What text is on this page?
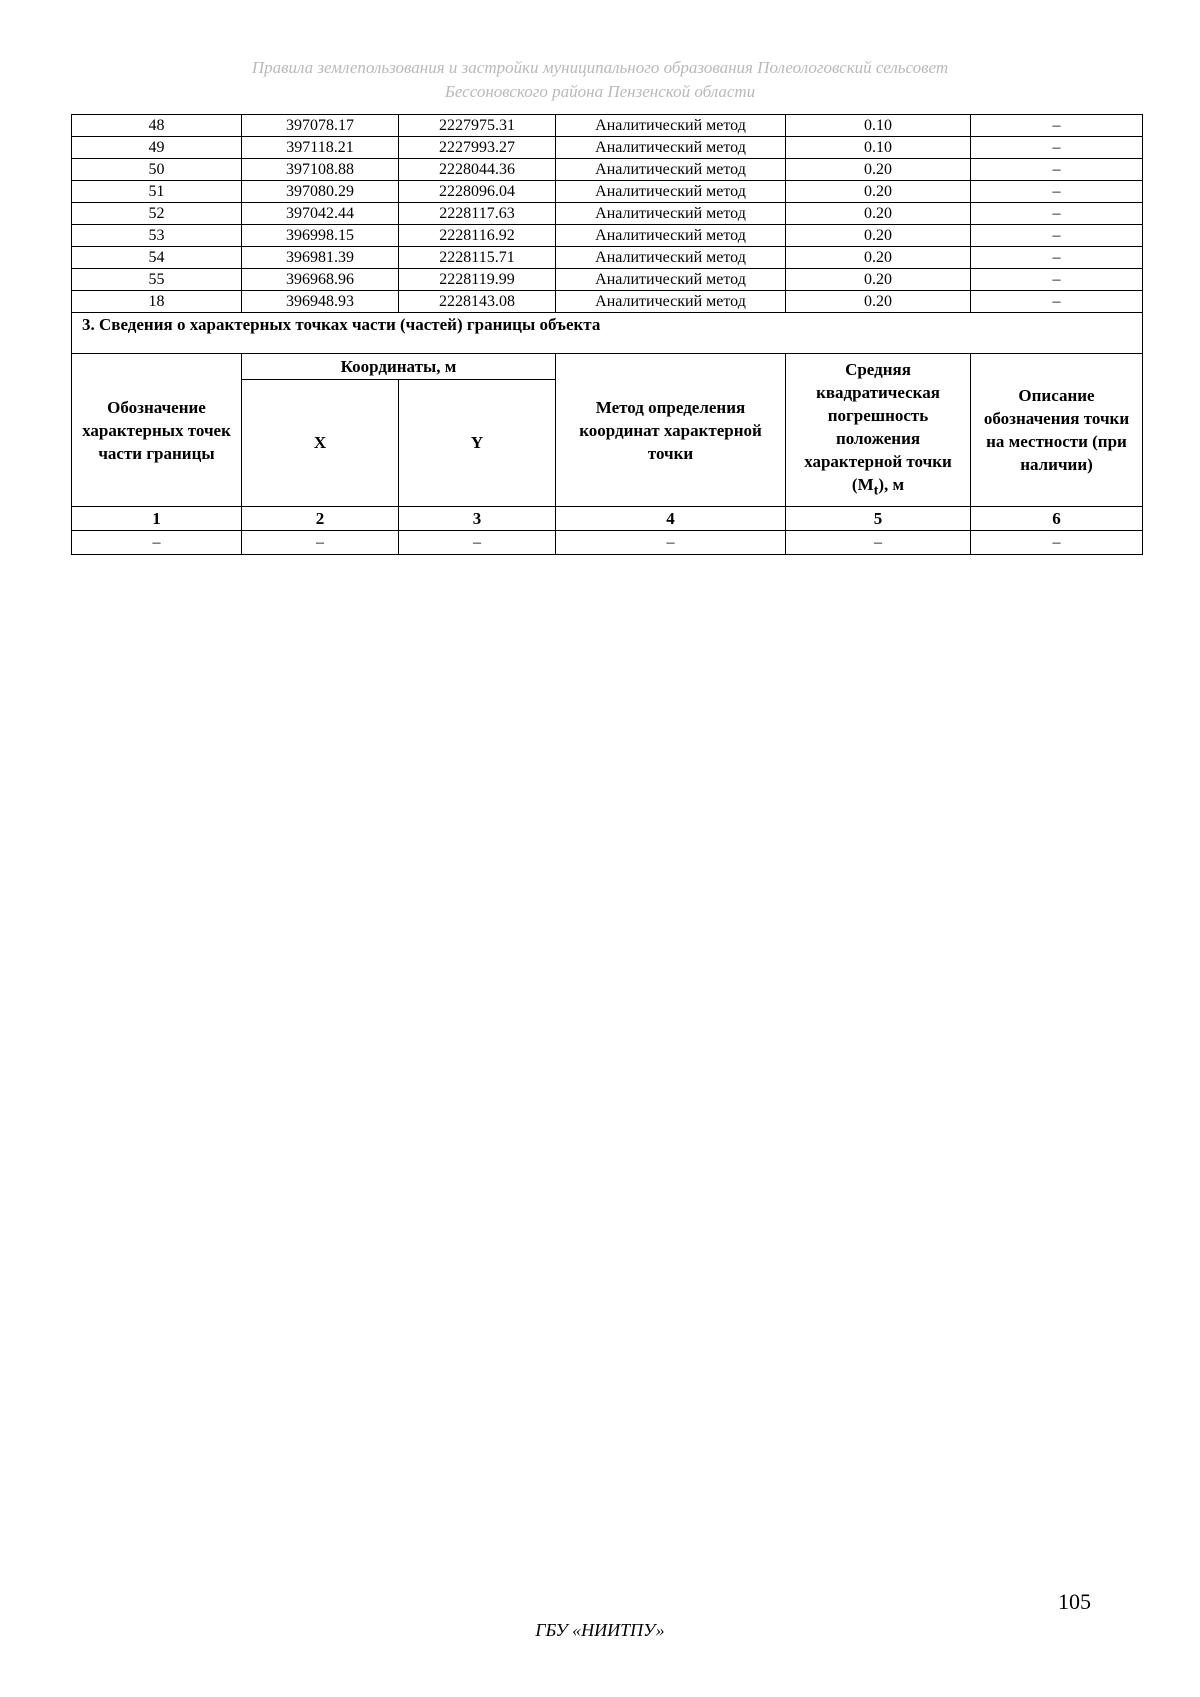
Правила землепользования и застройки муниципального образования Полеологовский сельсовет
Бессоновского района Пензенской области
48	397078.17	2227975.31	Аналитический метод	0.10	–
49	397118.21	2227993.27	Аналитический метод	0.10	–
50	397108.88	2228044.36	Аналитический метод	0.20	–
51	397080.29	2228096.04	Аналитический метод	0.20	–
52	397042.44	2228117.63	Аналитический метод	0.20	–
53	396998.15	2228116.92	Аналитический метод	0.20	–
54	396981.39	2228115.71	Аналитический метод	0.20	–
55	396968.96	2228119.99	Аналитический метод	0.20	–
18	396948.93	2228143.08	Аналитический метод	0.20	–
3. Сведения о характерных точках части (частей) границы объекта					
Обозначение характерных точек части границы	Координаты, м		Метод определения координат характерной точки	Средняя квадратическая погрешность положения характерной точки $(M_t)$, м	Описание обозначения точки на местности (при наличии)
	X	Y			
1	2	3	4	5	6
–	–	–	–	–	–
105
ГБУ «НИИТПУ»
